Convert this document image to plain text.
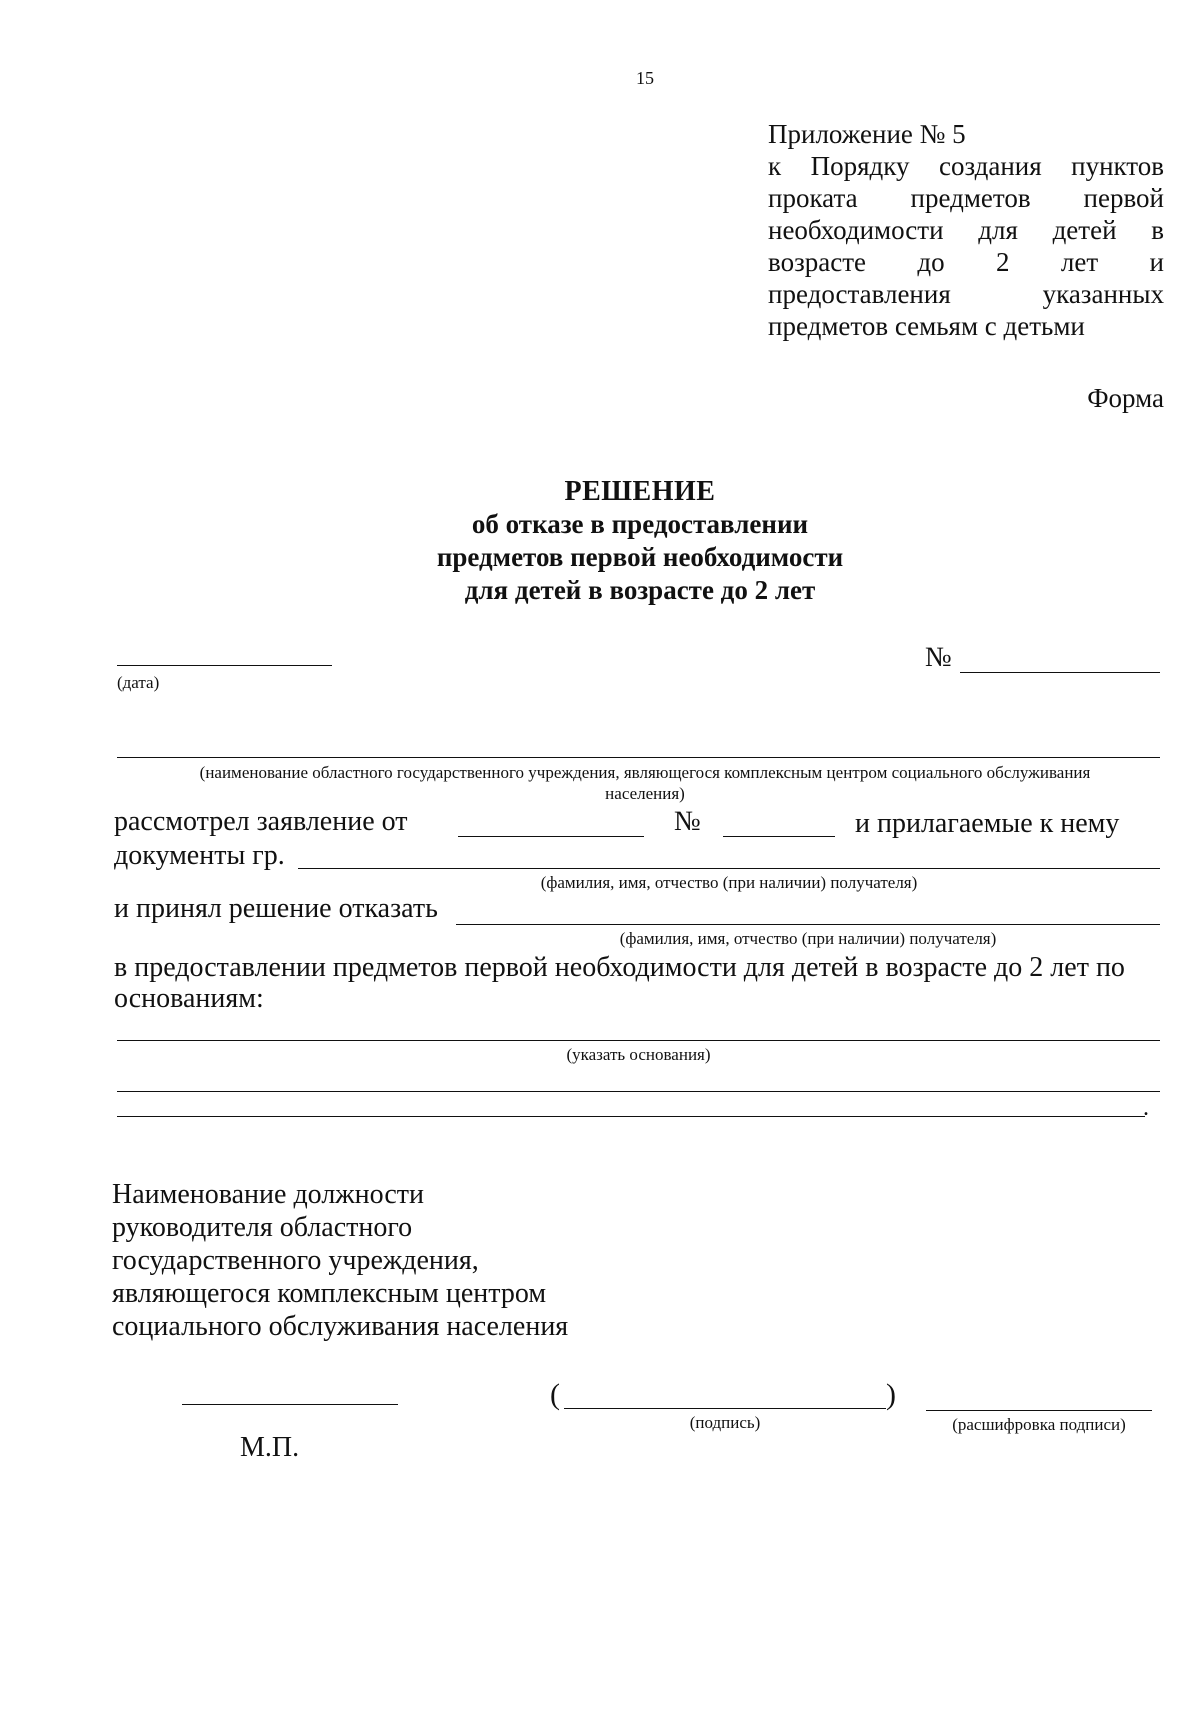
15
Приложение № 5
к Порядку создания пунктов
проката предметов первой
необходимости для детей в
возрасте до 2 лет и
предоставления указанных
предметов семьям с детьми
Форма
РЕШЕНИЕ
об отказе в предоставлении
предметов первой необходимости
для детей в возрасте до 2 лет
(дата)
№
(наименование областного государственного учреждения, являющегося комплексным центром социального обслуживания
населения)
рассмотрел заявление от	№	и прилагаемые к нему
документы гр.
(фамилия, имя, отчество (при наличии) получателя)
и принял решение отказать
(фамилия, имя, отчество (при наличии) получателя)
в предоставлении предметов первой необходимости для детей в возрасте до 2 лет по
основаниям:
(указать основания)
.
Наименование должности
руководителя областного
государственного учреждения,
являющегося комплексным центром
социального обслуживания населения
(	)
(подпись)	(расшифровка подписи)
М.П.
